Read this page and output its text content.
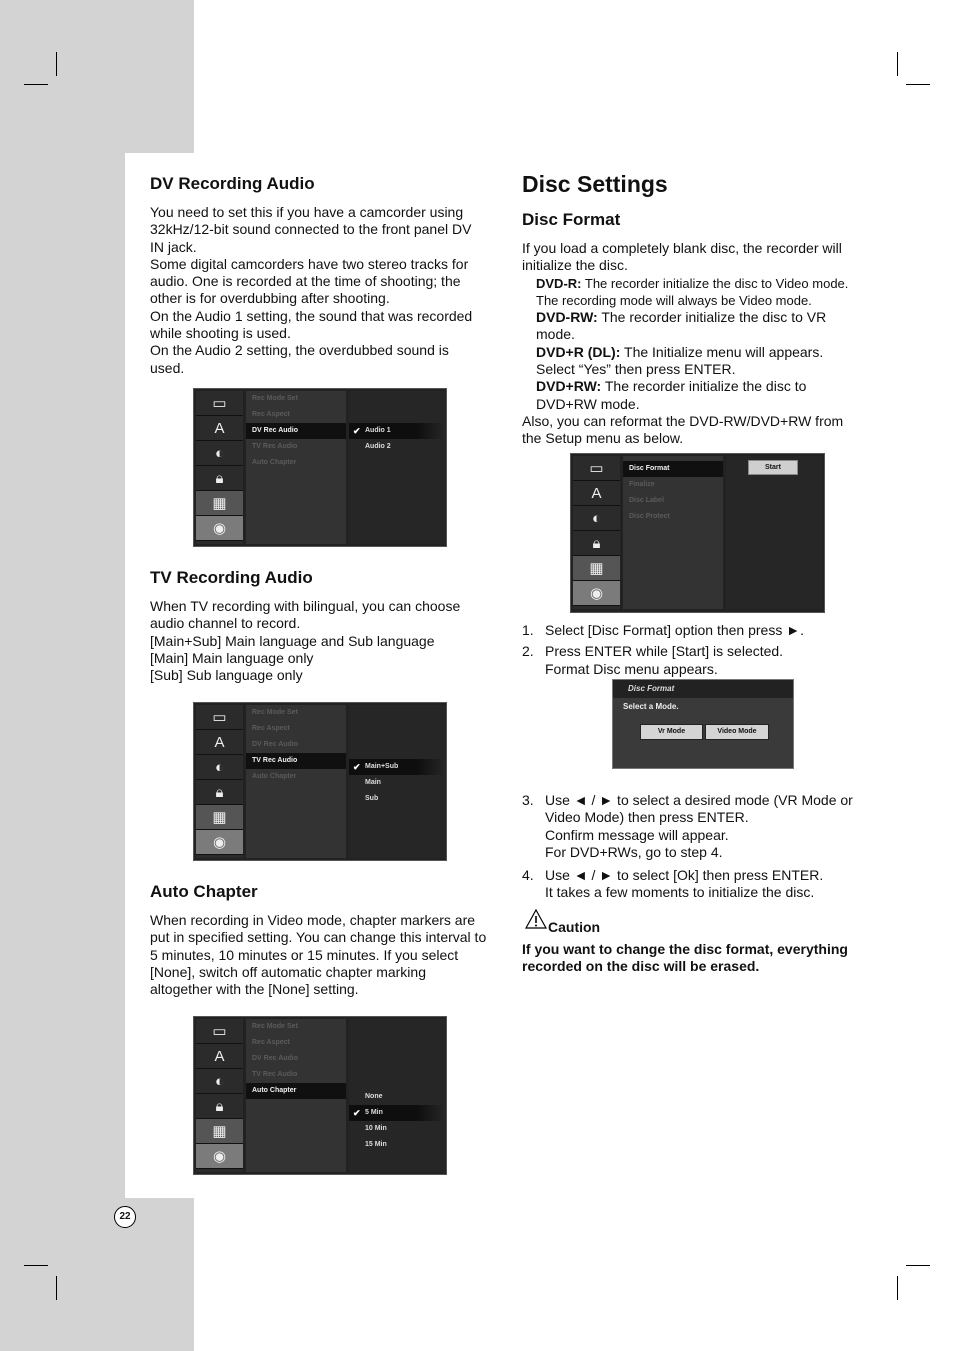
DV Recording Audio
You need to set this if you have a camcorder using
32kHz/12-bit sound connected to the front panel DV
IN jack.
Some digital camcorders have two stereo tracks for
audio. One is recorded at the time of shooting; the
other is for overdubbing after shooting.
On the Audio 1 setting, the sound that was recorded
while shooting is used.
On the Audio 2 setting, the overdubbed sound is
used.
▭
A
◐
🔒︎
▦
◉
Rec Mode Set
Rec Aspect
DV Rec Audio
TV Rec Audio
Auto Chapter
✔ Audio 1
Audio 2
TV Recording Audio
When TV recording with bilingual, you can choose
audio channel to record.
[Main+Sub] Main language and Sub language
[Main] Main language only
[Sub] Sub language only
▭
A
◐
🔒︎
▦
◉
Rec Mode Set
Rec Aspect
DV Rec Audio
TV Rec Audio
Auto Chapter
✔ Main+Sub
Main
Sub
Auto Chapter
When recording in Video mode, chapter markers are
put in specified setting. You can change this interval to
5 minutes, 10 minutes or 15 minutes. If you select
[None], switch off automatic chapter marking
altogether with the [None] setting.
▭
A
◐
🔒︎
▦
◉
Rec Mode Set
Rec Aspect
DV Rec Audio
TV Rec Audio
Auto Chapter
None
✔ 5 Min
10 Min
15 Min
Disc Settings
Disc Format
If you load a completely blank disc, the recorder will
initialize the disc.
DVD-R: The recorder initialize the disc to Video mode.
The recording mode will always be Video mode.
DVD-RW: The recorder initialize the disc to VR
mode.
DVD+R (DL): The Initialize menu will appears.
Select “Yes” then press ENTER.
DVD+RW: The recorder initialize the disc to
DVD+RW mode.
Also, you can reformat the DVD-RW/DVD+RW from
the Setup menu as below.
▭
A
◐
🔒︎
▦
◉
Disc Format
Finalize
Disc Label
Disc Protect
Start
1. Select [Disc Format] option then press ►.
2. Press ENTER while [Start] is selected.
Format Disc menu appears.
Disc Format
Select a Mode.
Vr Mode	Video Mode
3. Use ◄ / ► to select a desired mode (VR Mode or
Video Mode) then press ENTER.
Confirm message will appear.
For DVD+RWs, go to step 4.
4. Use ◄ / ► to select [Ok] then press ENTER.
It takes a few moments to initialize the disc.
Caution
If you want to change the disc format, everything
recorded on the disc will be erased.
22
